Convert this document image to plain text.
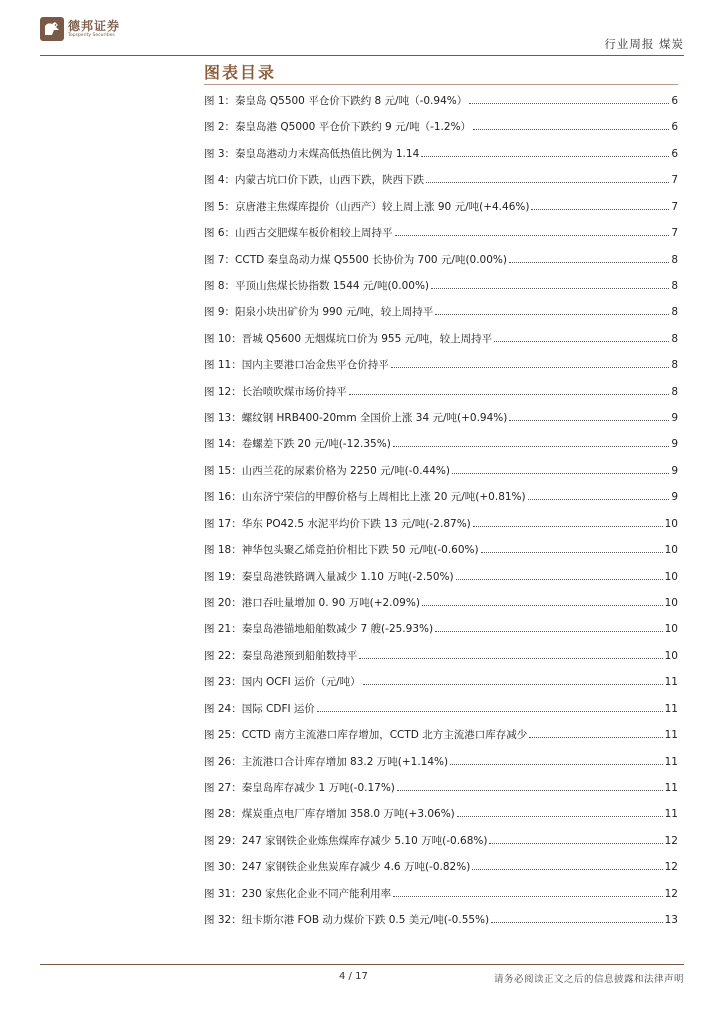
德邦证券
Topsperity Securities
行业周报 煤炭
图表目录
图 1： 秦皇岛 Q5500 平仓价下跌约 8 元/吨（-0.94%）	6
图 2： 秦皇岛港 Q5000 平仓价下跌约 9 元/吨（-1.2%）	6
图 3： 秦皇岛港动力末煤高低热值比例为 1.14	6
图 4： 内蒙古坑口价下跌，山西下跌，陕西下跌	7
图 5： 京唐港主焦煤库提价（山西产）较上周上涨 90 元/吨(+4.46%)	7
图 6： 山西古交肥煤车板价相较上周持平	7
图 7： CCTD 秦皇岛动力煤 Q5500 长协价为 700 元/吨(0.00%)	8
图 8： 平顶山焦煤长协指数 1544 元/吨(0.00%)	8
图 9： 阳泉小块出矿价为 990 元/吨，较上周持平	8
图 10： 晋城 Q5600 无烟煤坑口价为 955 元/吨，较上周持平	8
图 11： 国内主要港口冶金焦平仓价持平	8
图 12： 长治喷吹煤市场价持平	8
图 13： 螺纹钢 HRB400-20mm 全国价上涨 34 元/吨(+0.94%)	9
图 14： 卷螺差下跌 20 元/吨(-12.35%)	9
图 15： 山西兰花的尿素价格为 2250 元/吨(-0.44%)	9
图 16： 山东济宁荣信的甲醇价格与上周相比上涨 20 元/吨(+0.81%)	9
图 17： 华东 PO42.5 水泥平均价下跌 13 元/吨(-2.87%)	10
图 18： 神华包头聚乙烯竞拍价相比下跌 50 元/吨(-0.60%)	10
图 19： 秦皇岛港铁路调入量减少 1.10 万吨(-2.50%)	10
图 20： 港口吞吐量增加 0. 90 万吨(+2.09%)	10
图 21： 秦皇岛港锚地船舶数减少 7 艘(-25.93%)	10
图 22： 秦皇岛港预到船舶数持平	10
图 23： 国内 OCFI 运价（元/吨）	11
图 24： 国际 CDFI 运价	11
图 25： CCTD 南方主流港口库存增加，CCTD 北方主流港口库存减少	11
图 26： 主流港口合计库存增加 83.2 万吨(+1.14%)	11
图 27： 秦皇岛库存减少 1 万吨(-0.17%)	11
图 28： 煤炭重点电厂库存增加 358.0 万吨(+3.06%)	11
图 29： 247 家钢铁企业炼焦煤库存减少 5.10 万吨(-0.68%)	12
图 30： 247 家钢铁企业焦炭库存减少 4.6 万吨(-0.82%)	12
图 31： 230 家焦化企业不同产能利用率	12
图 32： 纽卡斯尔港 FOB 动力煤价下跌 0.5 美元/吨(-0.55%)	13
4 / 17	请务必阅读正文之后的信息披露和法律声明
